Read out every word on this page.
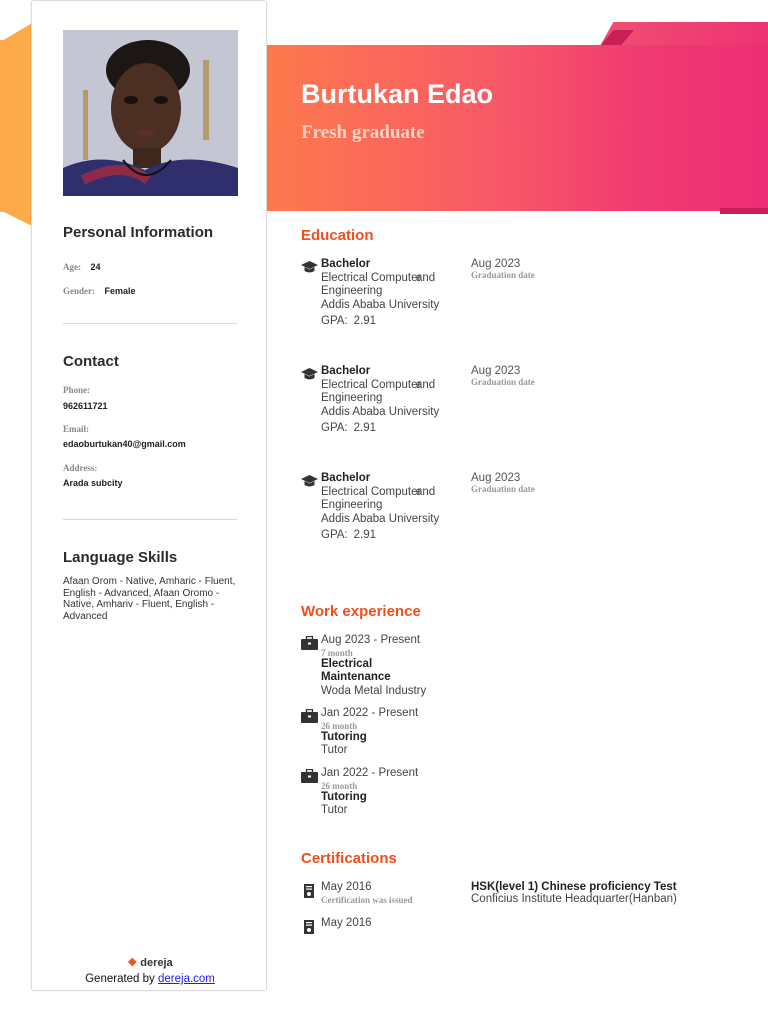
Burtukan Edao
Fresh graduate
Personal Information
Age: 24
Gender: Female
Contact
Phone:
962611721
Email:
edaoburtukan40@gmail.com
Address:
Arada subcity
Language Skills
Afaan Orom - Native, Amharic - Fluent, English - Advanced, Afaan Oromo - Native, Amhariv - Fluent, English - Advanced
❖ dereja
Generated by dereja.com
Education
Bachelor
Electrical Computer Engineering
Addis Ababa University
GPA: 2.91
and
Aug 2023
Graduation date
Bachelor
Electrical Computer Engineering
Addis Ababa University
GPA: 2.91
and
Aug 2023
Graduation date
Bachelor
Electrical Computer Engineering
Addis Ababa University
GPA: 2.91
and
Aug 2023
Graduation date
Work experience
Aug 2023 - Present
7 month
Electrical Maintenance
Woda Metal Industry
Jan 2022 - Present
26 month
Tutoring
Tutor
Jan 2022 - Present
26 month
Tutoring
Tutor
Certifications
May 2016
Certification was issued
HSK(level 1) Chinese proficiency Test
Conficius Institute Headquarter(Hanban)
May 2016
